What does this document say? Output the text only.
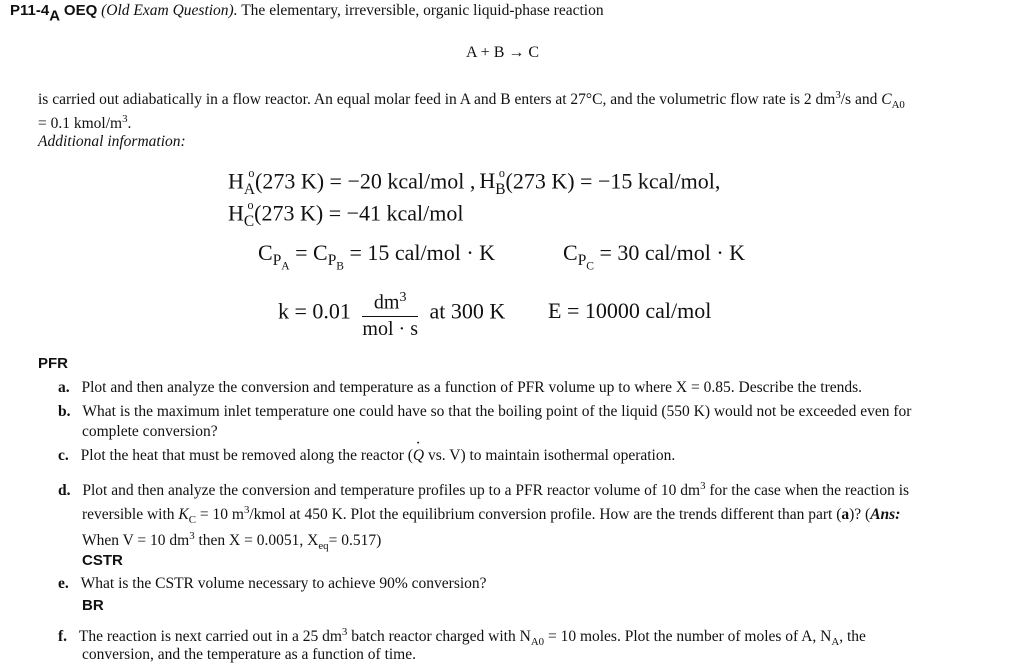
P11-4A OEQ (Old Exam Question). The elementary, irreversible, organic liquid-phase reaction
A + B → C
is carried out adiabatically in a flow reactor. An equal molar feed in A and B enters at 27°C, and the volumetric flow rate is 2 $dm^3/s$ and $C_{A0}$
= 0.1 kmol/$m^3$.
Additional information:
$H_A^o(273$ K) = −20 kcal/mol , $H_B^o(273$ K) = −15 kcal/mol,
$H_C^o(273$ K) = −41 kcal/mol
$C_{P_A} = C_{P_B} = 15$ cal/mol · K	$C_{P_C} = 30$ cal/mol · K
$k = 0.01 \frac{dm^3}{\text{mol · s}}$ at 300 K E = 10000 cal/mol
PFR
a. Plot and then analyze the conversion and temperature as a function of PFR volume up to where X = 0.85. Describe the trends.
b. What is the maximum inlet temperature one could have so that the boiling point of the liquid (550 K) would not be exceeded even for
complete conversion?
c. Plot the heat that must be removed along the reactor (· Q vs. V) to maintain isothermal operation.
d. Plot and then analyze the conversion and temperature profiles up to a PFR reactor volume of 10 $dm^3$ for the case when the reaction is
reversible with $K_C = 10$ $m^3$/kmol at 450 K. Plot the equilibrium conversion profile. How are the trends different than part (a)? (Ans:
When V = 10 $dm^3$ then X = 0.0051, $X_{eq}= 0.517$)
CSTR
e. What is the CSTR volume necessary to achieve 90% conversion?
BR
f. The reaction is next carried out in a 25 $dm^3$ batch reactor charged with $N_{A0} = 10$ moles. Plot the number of moles of A, $N_A$, the
conversion, and the temperature as a function of time.
